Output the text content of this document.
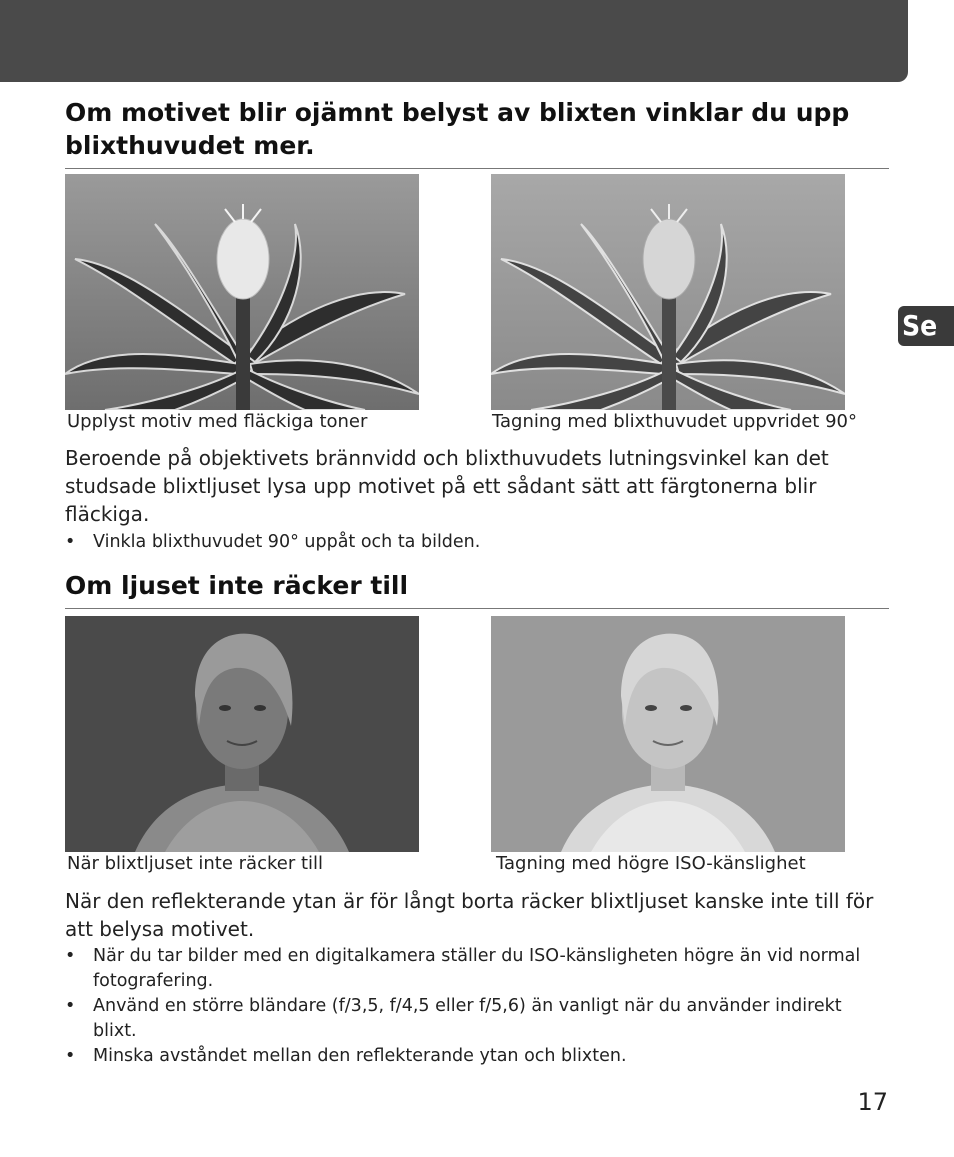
Se
Om motivet blir ojämnt belyst av blixten vinklar du upp blixthuvudet mer.
Upplyst motiv med fläckiga toner	Tagning med blixthuvudet uppvridet 90°

Beroende på objektivets brännvidd och blixthuvudets lutningsvinkel kan det studsade blixtljuset lysa upp motivet på ett sådant sätt att färgtonerna blir fläckiga.

• Vinkla blixthuvudet 90° uppåt och ta bilden.
Om ljuset inte räcker till
När blixtljuset inte räcker till	Tagning med högre ISO-känslighet

När den reflekterande ytan är för långt borta räcker blixtljuset kanske inte till för att belysa motivet.

• När du tar bilder med en digitalkamera ställer du ISO-känsligheten högre än vid normal fotografering.
• Använd en större bländare (f/3,5, f/4,5 eller f/5,6) än vanligt när du använder indirekt blixt.
• Minska avståndet mellan den reflekterande ytan och blixten.
17
